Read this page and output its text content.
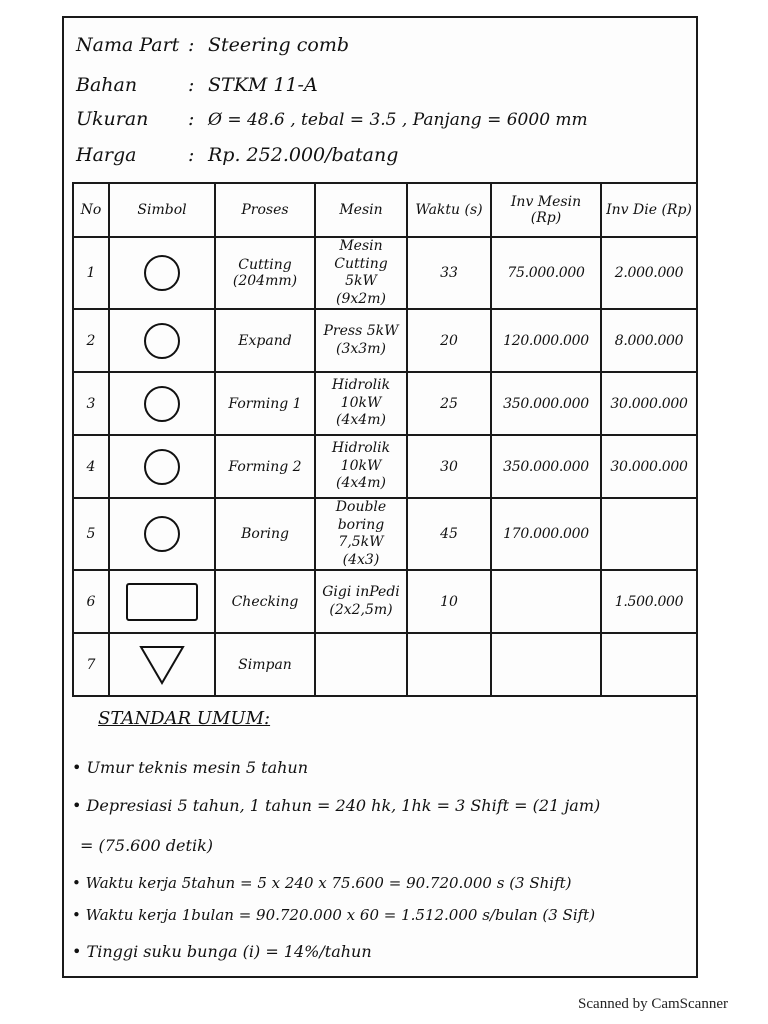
Nama Part : Steering comb
Bahan	: STKM 11-A
Ukuran : Ø = 48.6 , tebal = 3.5 , Panjang = 6000 mm
Harga	: Rp. 252.000/batang
No	Simbol	Proses	Mesin	Waktu (s)	Inv Mesin (Rp)	Inv Die (Rp)
1		Cutting (204mm)	Mesin Cutting 5kW (9x2m)	33	75.000.000	2.000.000
2		Expand	Press 5kW (3x3m)	20	120.000.000	8.000.000
3		Forming 1	Hidrolik 10kW (4x4m)	25	350.000.000	30.000.000
4		Forming 2	Hidrolik 10kW (4x4m)	30	350.000.000	30.000.000
5		Boring	Double boring 7,5kW (4x3)	45	170.000.000	
6		Checking	Gigi inPedi (2x2,5m)	10		1.500.000
7		Simpan				
STANDAR UMUM:
• Umur teknis mesin 5 tahun
• Depresiasi 5 tahun, 1 tahun = 240 hk, 1hk = 3 Shift = (21 jam)
= (75.600 detik)
• Waktu kerja 5tahun = 5 x 240 x 75.600 = 90.720.000 s (3 Shift)
• Waktu kerja 1bulan = 90.720.000 x 60 = 1.512.000 s/bulan (3 Sift)
• Tinggi suku bunga (i) = 14%/tahun
Scanned by CamScanner
